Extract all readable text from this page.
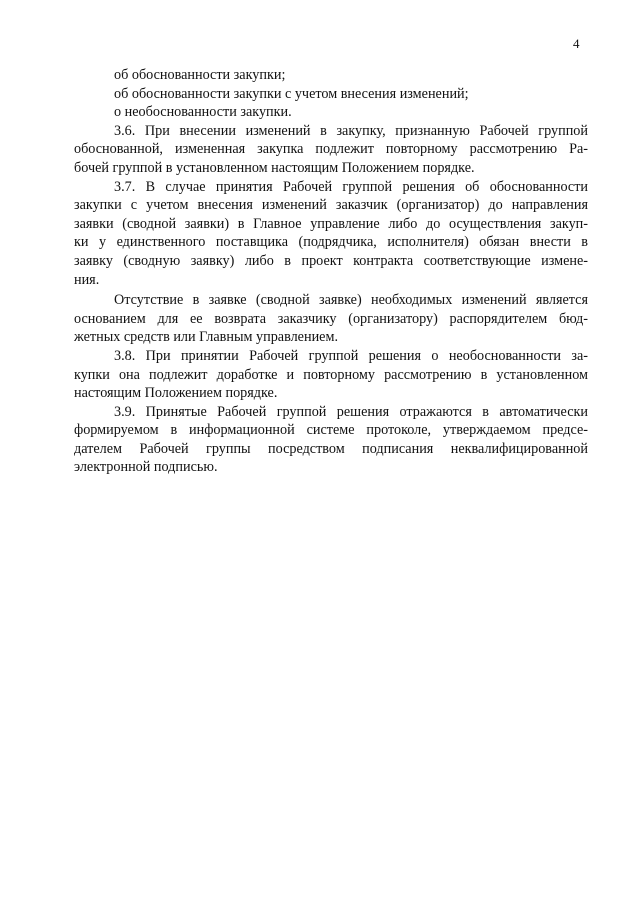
4
об обоснованности закупки;
об обоснованности закупки с учетом внесения изменений;
о необоснованности закупки.
3.6. При внесении изменений в закупку, признанную Рабочей группой
обоснованной, измененная закупка подлежит повторному рассмотрению Ра-
бочей группой в установленном настоящим Положением порядке.
3.7. В случае принятия Рабочей группой решения об обоснованности
закупки с учетом внесения изменений заказчик (организатор) до направления
заявки (сводной заявки) в Главное управление либо до осуществления закуп-
ки у единственного поставщика (подрядчика, исполнителя) обязан внести в
заявку (сводную заявку) либо в проект контракта соответствующие измене-
ния.
Отсутствие в заявке (сводной заявке) необходимых изменений является
основанием для ее возврата заказчику (организатору) распорядителем бюд-
жетных средств или Главным управлением.
3.8. При принятии Рабочей группой решения о необоснованности за-
купки она подлежит доработке и повторному рассмотрению в установленном
настоящим Положением порядке.
3.9. Принятые Рабочей группой решения отражаются в автоматически
формируемом в информационной системе протоколе, утверждаемом предсе-
дателем Рабочей группы посредством подписания неквалифицированной
электронной подписью.
